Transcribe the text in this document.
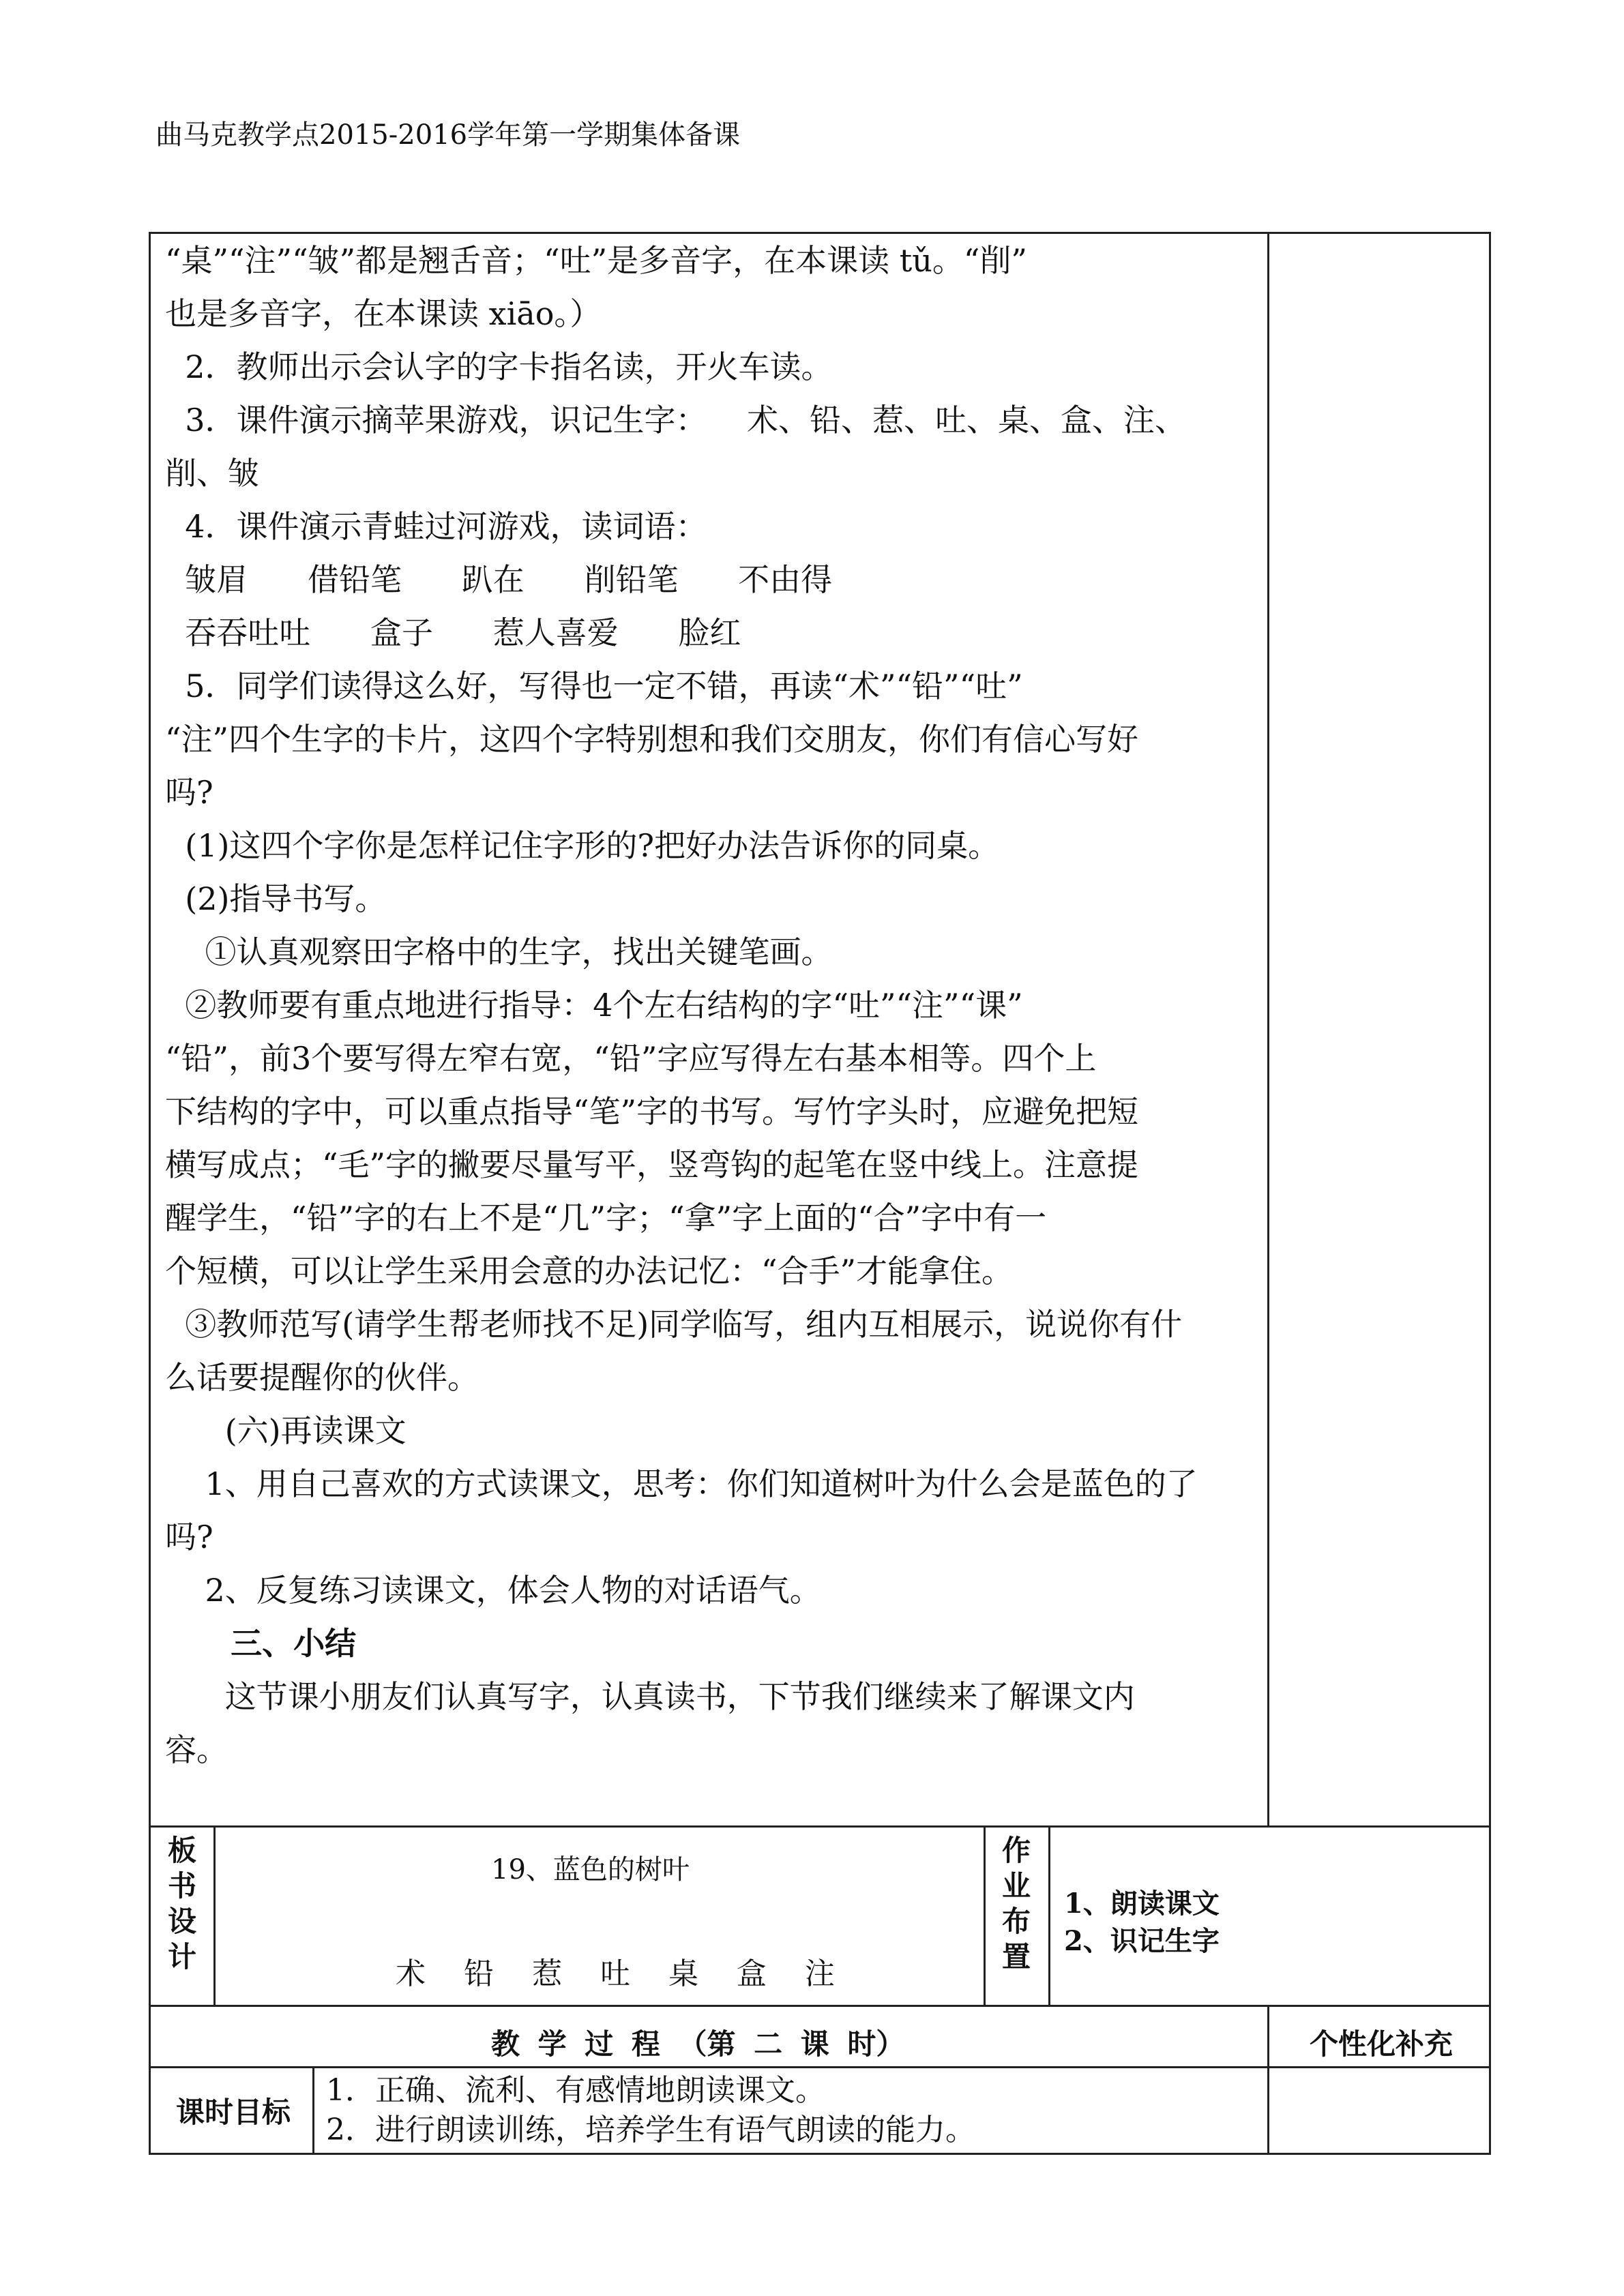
曲马克教学点2015-2016学年第一学期集体备课
“桌”“注”“皱”都是翘舌音；“吐”是多音字，在本课读 tǔ。“削”
也是多音字，在本课读 xiāo。）
2．教师出示会认字的字卡指名读，开火车读。
3．课件演示摘苹果游戏，识记生字：    术、铅、惹、吐、桌、盒、注、
削、皱
4．课件演示青蛙过河游戏，读词语：
皱眉      借铅笔      趴在      削铅笔      不由得
吞吞吐吐      盒子      惹人喜爱      脸红
5．同学们读得这么好，写得也一定不错，再读“术”“铅”“吐”
“注”四个生字的卡片，这四个字特别想和我们交朋友，你们有信心写好
吗?
(1)这四个字你是怎样记住字形的?把好办法告诉你的同桌。
(2)指导书写。
①认真观察田字格中的生字，找出关键笔画。
②教师要有重点地进行指导：4个左右结构的字“吐”“注”“课”
“铅”，前3个要写得左窄右宽，“铅”字应写得左右基本相等。四个上
下结构的字中，可以重点指导“笔”字的书写。写竹字头时，应避免把短
横写成点；“毛”字的撇要尽量写平，竖弯钩的起笔在竖中线上。注意提
醒学生，“铅”字的右上不是“几”字；“拿”字上面的“合”字中有一
个短横，可以让学生采用会意的办法记忆：“合手”才能拿住。
③教师范写(请学生帮老师找不足)同学临写，组内互相展示，说说你有什
么话要提醒你的伙伴。
(六)再读课文
1、用自己喜欢的方式读课文，思考：你们知道树叶为什么会是蓝色的了
吗?
2、反复练习读课文，体会人物的对话语气。
三、小结
这节课小朋友们认真写字，认真读书，下节我们继续来了解课文内
容。
板
书
设
计
19、蓝色的树叶
术 铅 惹 吐 桌 盒 注
作
业
布
置
1、朗读课文
2、识记生字
教 学 过 程 （第 二 课 时）	个性化补充
课时目标
1．正确、流利、有感情地朗读课文。
2．进行朗读训练，培养学生有语气朗读的能力。
